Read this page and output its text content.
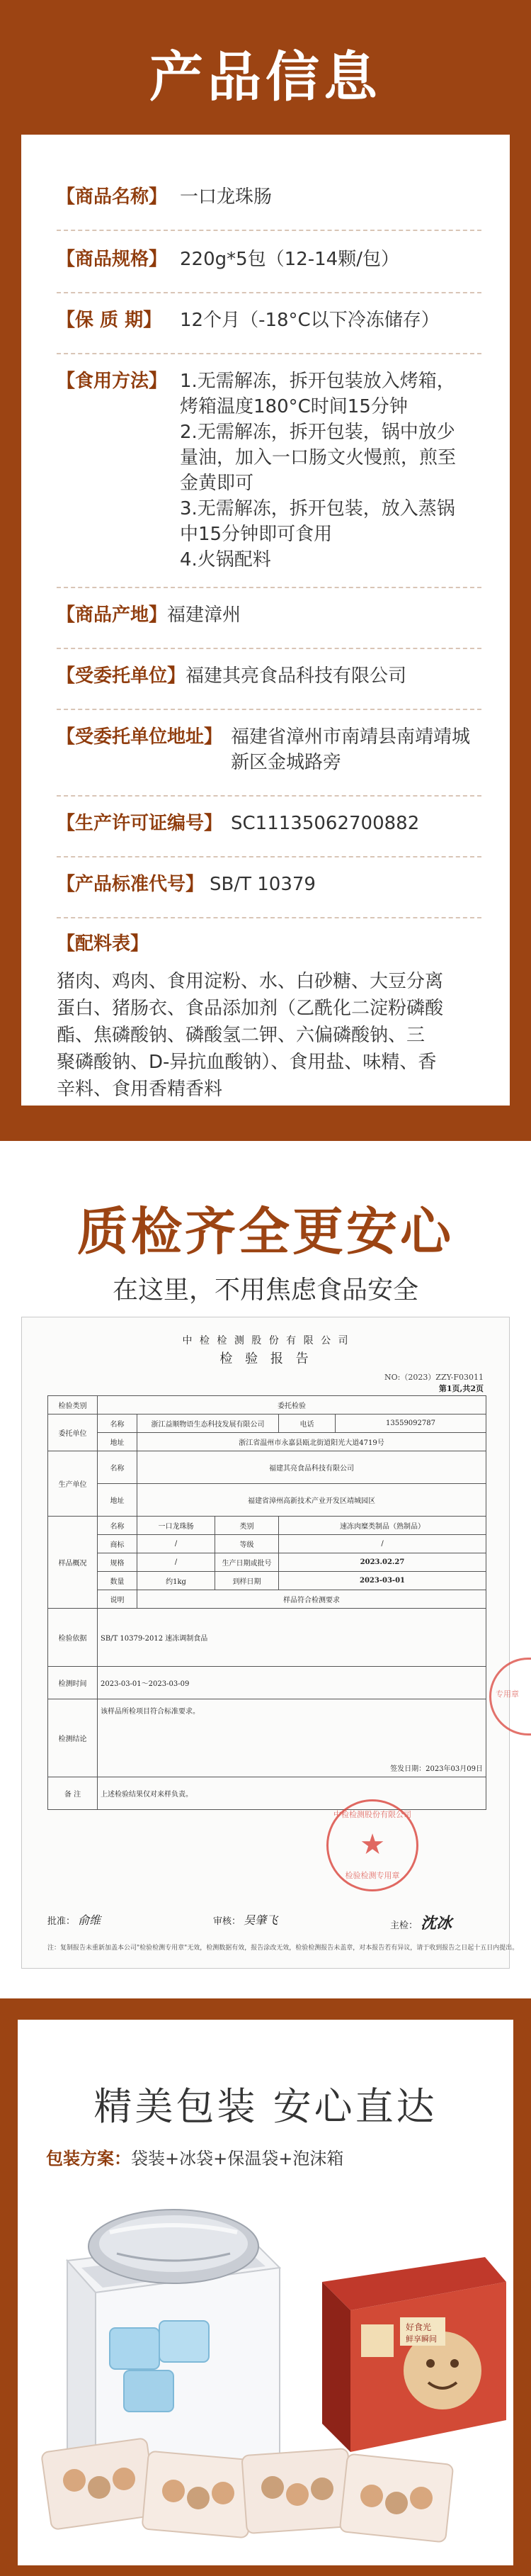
产品信息
【商品名称】 一口龙珠肠
【商品规格】 220g*5包（12-14颗/包）
【保 质 期】 12个月（-18°C以下冷冻储存）
【食用方法】 1.无需解冻，拆开包装放入烤箱，
烤箱温度180°C时间15分钟
2.无需解冻，拆开包装，锅中放少
量油，加入一口肠文火慢煎，煎至
金黄即可
3.无需解冻，拆开包装，放入蒸锅
中15分钟即可食用
4.火锅配料
【商品产地】 福建漳州
【受委托单位】 福建其亮食品科技有限公司
【受委托单位地址】 福建省漳州市南靖县南靖靖城
新区金城路旁
【生产许可证编号】 SC11135062700882
【产品标准代号】 SB/T 10379
【配料表】
猪肉、鸡肉、食用淀粉、水、白砂糖、大豆分离
蛋白、猪肠衣、食品添加剂（乙酰化二淀粉磷酸
酯、焦磷酸钠、磷酸氢二钾、六偏磷酸钠、三
聚磷酸钠、D-异抗血酸钠）、食用盐、味精、香
辛料、食用香精香料
质检齐全更安心
在这里，不用焦虑食品安全
中 检 检 测 股 份 有 限 公 司
检 验 报 告
NO:（2023）ZZY-F03011
第1页,共2页
检验类别	委托检验				
委托单位	名称	浙江益顺物语生态科技发展有限公司		电话	13559092787
	地址	浙江省温州市永嘉县瓯北街道阳光大道4719号			
生产单位	名称	福建其亮食品科技有限公司			
	地址	福建省漳州高新技术产业开发区靖城园区			
样品概况	名称	一口龙珠肠	类别	速冻肉糜类制品（熟制品）	
	商标	/	等级	/	
	规格	/	生产日期或批号	2023.02.27	
	数量	约1kg	到样日期	2023-03-01	
	说明	样品符合检测要求			
检验依据	SB/T 10379-2012 速冻调制食品				
检测时间	2023-03-01～2023-03-09				
检测结论	该样品所检项目符合标准要求。
签发日期：2023年03月09日				

备 注	上述检验结果仅对来样负责。				
中检检测股份有限公司
★
检验检测专用章
专用章
批准： 俞维	审核： 吴肇飞	主检： 沈冰
注：复制报告未重新加盖本公司"检验检测专用章"无效，检测数据有效，报告涂改无效，检验检测报告未盖章，对本报告若有异议，请于收到报告之日起十五日内提出。
精美包装 安心直达
包装方案：袋装+冰袋+保温袋+泡沫箱
好食光
鲜享瞬间
